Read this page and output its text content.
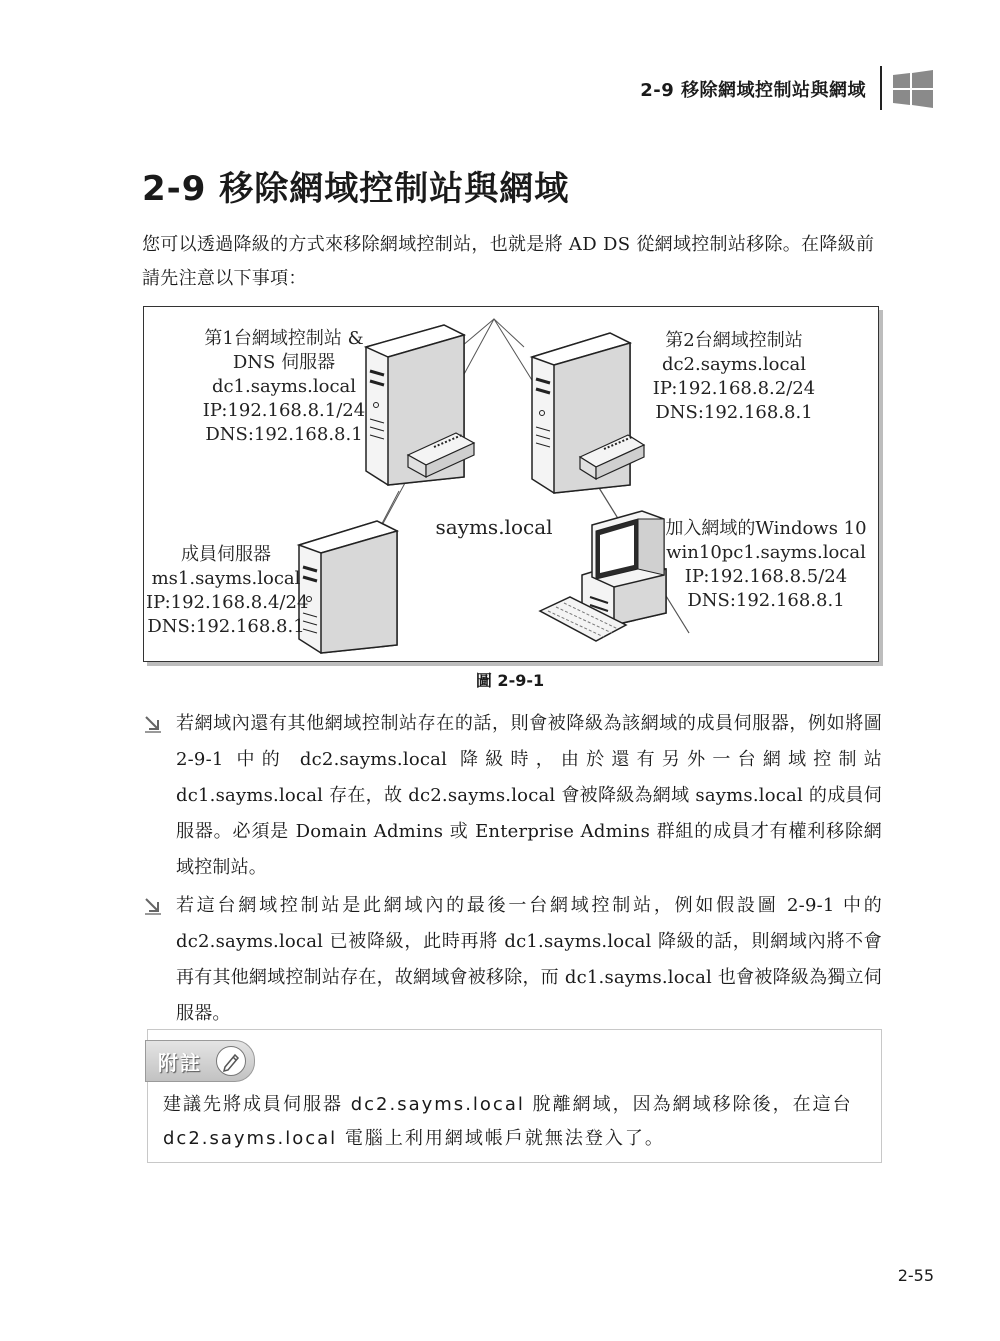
2-9 移除網域控制站與網域
2-9 移除網域控制站與網域
您可以透過降級的方式來移除網域控制站，也就是將 AD DS 從網域控制站移除。在降級前請先注意以下事項：
第1台網域控制站 &
DNS 伺服器
dc1.sayms.local
IP:192.168.8.1/24
DNS:192.168.8.1
第2台網域控制站
dc2.sayms.local
IP:192.168.8.2/24
DNS:192.168.8.1
成員伺服器
ms1.sayms.local
IP:192.168.8.4/24
DNS:192.168.8.1
加入網域的Windows 10
win10pc1.sayms.local
IP:192.168.8.5/24
DNS:192.168.8.1
sayms.local
圖 2-9-1
若網域內還有其他網域控制站存在的話，則會被降級為該網域的成員伺服器，例如將圖 2-9-1 中的 dc2.sayms.local 降級時，由於還有另外一台網域控制站 dc1.sayms.local 存在，故 dc2.sayms.local 會被降級為網域 sayms.local 的成員伺服器。必須是 Domain Admins 或 Enterprise Admins 群組的成員才有權利移除網域控制站。
若這台網域控制站是此網域內的最後一台網域控制站，例如假設圖 2-9-1 中的 dc2.sayms.local 已被降級，此時再將 dc1.sayms.local 降級的話，則網域內將不會再有其他網域控制站存在，故網域會被移除，而 dc1.sayms.local 也會被降級為獨立伺服器。
附註
建議先將成員伺服器 dc2.sayms.local 脫離網域，因為網域移除後，在這台 dc2.sayms.local 電腦上利用網域帳戶就無法登入了。
2-55
